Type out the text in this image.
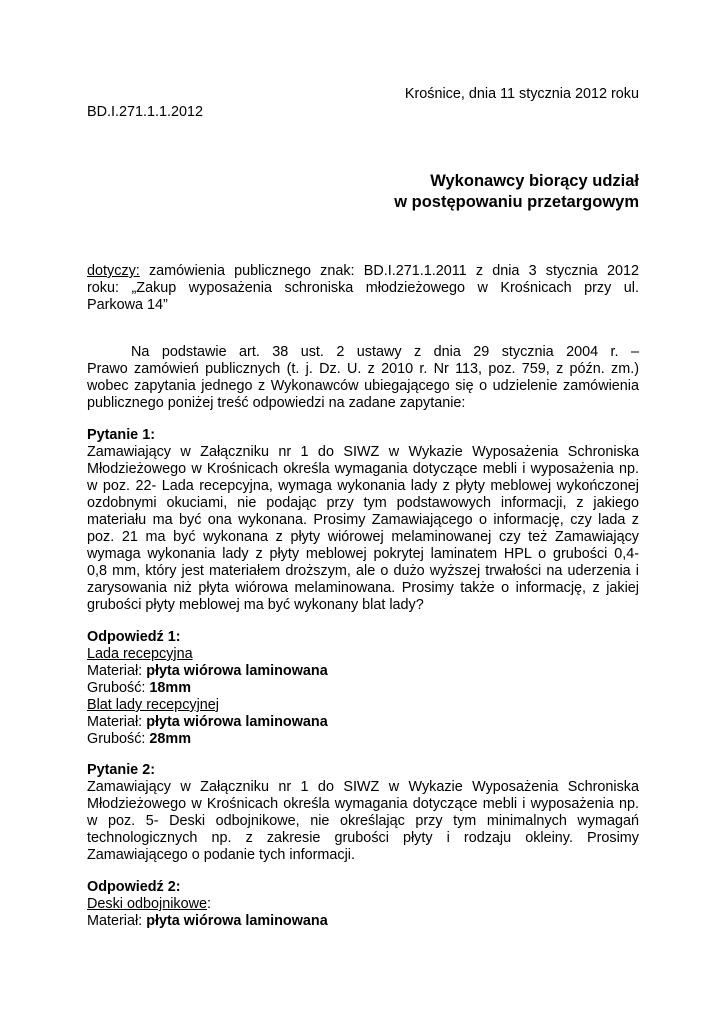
Krośnice, dnia 11 stycznia 2012 roku
BD.I.271.1.1.2012
Wykonawcy biorący udział
w postępowaniu przetargowym
dotyczy: zamówienia publicznego znak: BD.I.271.1.2011 z dnia 3 stycznia 2012
roku: „Zakup wyposażenia schroniska młodzieżowego w Krośnicach przy ul.
Parkowa 14”
Na podstawie art. 38 ust. 2 ustawy z dnia 29 stycznia 2004 r. –
Prawo zamówień publicznych (t. j. Dz. U. z 2010 r. Nr 113, poz. 759, z późn. zm.)
wobec zapytania jednego z Wykonawców ubiegającego się o udzielenie zamówienia
publicznego poniżej treść odpowiedzi na zadane zapytanie:
Pytanie 1:
Zamawiający w Załączniku nr 1 do SIWZ w Wykazie Wyposażenia Schroniska
Młodzieżowego w Krośnicach określa wymagania dotyczące mebli i wyposażenia np.
w poz. 22- Lada recepcyjna, wymaga wykonania lady z płyty meblowej wykończonej
ozdobnymi okuciami, nie podając przy tym podstawowych informacji, z jakiego
materiału ma być ona wykonana. Prosimy Zamawiającego o informację, czy lada z
poz. 21 ma być wykonana z płyty wiórowej melaminowanej czy też Zamawiający
wymaga wykonania lady z płyty meblowej pokrytej laminatem HPL o grubości 0,4-
0,8 mm, który jest materiałem droższym, ale o dużo wyższej trwałości na uderzenia i
zarysowania niż płyta wiórowa melaminowana. Prosimy także o informację, z jakiej
grubości płyty meblowej ma być wykonany blat lady?
Odpowiedź 1:
Lada recepcyjna
Materiał: płyta wiórowa laminowana
Grubość: 18mm
Blat lady recepcyjnej
Materiał: płyta wiórowa laminowana
Grubość: 28mm
Pytanie 2:
Zamawiający w Załączniku nr 1 do SIWZ w Wykazie Wyposażenia Schroniska
Młodzieżowego w Krośnicach określa wymagania dotyczące mebli i wyposażenia np.
w poz. 5- Deski odbojnikowe, nie określając przy tym minimalnych wymagań
technologicznych np. z zakresie grubości płyty i rodzaju okleiny. Prosimy
Zamawiającego o podanie tych informacji.
Odpowiedź 2:
Deski odbojnikowe:
Materiał: płyta wiórowa laminowana
